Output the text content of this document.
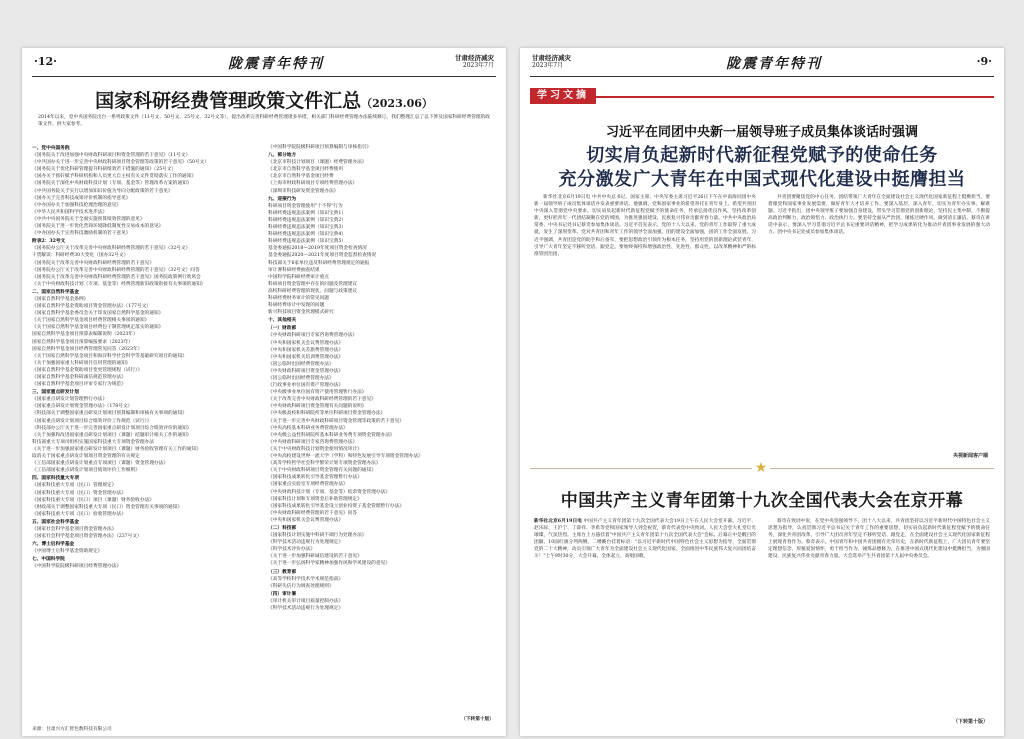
·12·	陇震青年特刊	甘肃经济减灾
2023年7月
国家科研经费管理政策文件汇总（2023.06）
2014年以来，党中央国务院出台一系列政策文件（11号文、50号文、25号文、32号文等），提出改革完善科研经费管理诸多举措。相关部门科研经费管理办法陆续修订。我们整理汇总了以下涉及国家科研经费管理的政策文件，供大家参考。
一、党中央国务院
《国务院关于改进加强中央财政科研项目和资金管理的若干意见》（11号文）
《中共国办关于进一步完善中央财政科研项目资金管理等政策的若干意见》（50号文）
《国务院关于优化科研管理提升科研绩效若干措施的通知》（25号文）
《国办关于抓好赋予科研机构和人员更大自主权有关文件贯彻落实工作的通知》
《国务院关于深化中央财政科技计划（专项、基金等）管理改革方案的通知》
《中共国务院关于实行以增加知识价值为导向分配政策的若干意见》
《国办关于完善科技成果评价机制的指导意见》
《中办国办关于加强科技伦理治理的意见》
《中华人民共和国科学技术进步法》
《中共中央国务院关于全面实施预算绩效管理的意见》
《国务院关于进一步优化营商环境降低制度性交易成本的意见》
《中办国办关于完善科技激励机制的若干意见》
附录2：32号文
《国务院办公厅关于改革完善中央财政科研经费管理的若干意见》（32号文）
干货解读：科研经费30大变化（国办32号文）
《国务院关于改革完善中央财政科研经费管理的若干意见》
《国务院办公厅关于改革完善中央财政科研经费管理的若干意见》（32号文）问答
《国务院关于改革完善中央财政科研经费管理的若干意见》国务院政策例行吹风会
《关于中央财政科技计划（专项、基金等）经费管理新旧政策衔接有关事项的通知》
二、国家自然科学基金
《国家自然科学基金条例》
《国家自然科学基金资助项目资金管理办法》（177号文）
《国家自然科学基金委员会关于印发国家自然科学基金的通知》
《关于国家自然科学基金项目经费管理相关事项的通知》
《关于国家自然科学基金项目经费包干制管理规定落实的通知》
国家自然科学基金项目预算表编制说明（2023年）
国家自然科学基金项目预算编报要求（2023年）
国家自然科学基金项目经费管理常见问答（2023年）
《关于国家自然科学基金项目和海洋科学社会科学等基础研究项目的通知》
《关于加强国家重大科研项目信用管理的通知》
《国家自然科学基金资助项目变更管理规程（试行）》
《国家自然科学基金科研诚信规范管理办法》
《国家自然科学基金项目评审专家行为规范》
三、国家重点研发计划
《国家重点研发计划管理暂行办法》
《国家重点研发计划资金管理办法》（178号文）
《科技部关于调整国家重点研发计划项目预算编制和审核有关事项的通知》
《国家重点研发计划项目综合绩效评价工作规范（试行）》
《科技部办公厅关于进一步完善国家重点研发计划项目综合绩效评价的通知》
《关于加强和改进国家重点研发计划项目（课题）结题审计相关工作的通知》
科技部重大专项司组织实施国家科技重大专项资金管理办法
《关于进一步加强国家重点研发计划项目（课题）财务验收管理有关工作的通知》
取消关于国家重点研发计划项目资金管理的有关规定
《工信部国家重点研发计划重点专项项目（课题）资金管理办法》
《工信部国家重点研发计划项目绩效评价工作细则》
四、国家科技重大专项
《国家科技重大专项（民口）管理规定》
《国家科技重大专项（民口）资金管理办法》
《国家科技重大专项（民口）项目（课题）财务验收办法》
《财政部关于调整国家科技重大专项（民口）资金管理有关事项的通知》
《国家科技重大专项（民口）验收管理办法》
五、国家社会科学基金
《国家社会科学基金项目资金管理办法》
《国家社会科学基金项目资金管理办法》（237号文）
六、博士后科学基金
《中国博士后科学基金资助规定》
七、中国科学院
《中国科学院院级科研项目经费管理办法》
《中国科学院院级科研项目预算编制与审核指引》
八、部分地方
《北京市科技计划项目（课题）经费管理办法》
《北京市自然科学基金项目经费使用
《北京市自然科学基金项目经费
《上海市财政科研项目专项经费管理办法》
《深圳市科技研发资金管理办法》
九、迎接行为
科研项目资金管理使用"十不得"行为
科研经费违规违法案例（知识宝典1）
科研经费违规违法案例（知识宝典2）
科研经费违规违法案例（知识宝典3）
科研经费违规违法案例（知识宝典4）
科研经费违规违法案例（知识宝典5）
基金委通报2018—2019年度项目资金检查情况
基金委通报2020—2021年度项目资金监督检查情况
科技部关于6家单位违反科研经费管理规定的通报
审计署科研经费抽查结果
中国科学院科研经费审计重点
科研项目资金管理中存在的问题及管理建议
高校科研经费管理的现状、问题与政策建议
科研经费财务审计的常见问题
科研经费审计中发现的问题
新兴科技项目资金管理模式研究
十、其他相关
（一）财政部
《中央财政科研项目专家咨询费管理办法》
《中央和国家机关会议费管理办法》
《中央和国家机关差旅费管理办法》
《中央和国家机关培训费管理办法》
《因公临时出国经费管理办法》
《中央财政科研项目资金管理办法》
《因公临时出国经费管理办法》
《行政事业单位国有资产管理办法》
《中央级事业单位国有资产使用管理暂行办法》
《关于改革完善中央财政科研经费管理的若干意见》
《中央财政科研项目资金管理有关问题的说明》
《中央级高校和科研院所等单位科研项目资金管理办法》
《关于进一步完善中央财政科研项目资金管理等政策的若干意见》
《中央高校基本科研业务费管理办法》
《中央级公益性科研院所基本科研业务费专项资金管理办法》
《中央财政科研项目专家咨询费管理办法》
《关于中央财政科技计划资金使用情况审计》
《中央高校建设世界一流大学（学科）和特色发展引导专项资金管理办法》
《高等学校哲学社会科学繁荣计划专项资金管理办法》
《关于中央财政科研项目资金管理有关问题的通知》
《国家科技成果转化引导基金管理暂行办法》
《国家重点实验室专项经费管理办法》
《中央财政科技计划（专项、基金等）结余资金管理办法》
《国家科技计划和专项资金后补助管理规定》
《国家科技成果转化引导基金设立创业投资子基金管理暂行办法》
《中央财政科研经费管理的若干意见》问答
《中央和国家机关会议费管理办法》
（二）科技部
《国家科技计划实施中科研不端行为处理办法》
《科学技术活动违规行为处理规定》
《科学技术评价办法》
《关于进一步加强科研诚信建设的若干意见》
《关于进一步弘扬科学家精神加强作风和学风建设的意见》
（三）教育部
《高等学校科学技术学术规范指南》
《科研失信行为调查处理规则》
（四）审计署
《审计机关审计项目质量控制办法》
《科学技术活动违规行为处理规定》
（下转第十版）
来源：甘肃兴方汇智色数科技有限公司
甘肃经济减灾
2023年7月	陇震青年特刊	·9·
学习文摘
习近平在同团中央新一届领导班子成员集体谈话时强调
切实肩负起新时代新征程党赋予的使命任务
充分激发广大青年在中国式现代化建设中挺膺担当
新华社北京6月19日电 中共中央总书记、国家主席、中央军委主席习近平26日下午在中南海同团中央新一届领导班子成员集体谈话并发表重要讲话。他强调，党和国家事业的希望寄托在青年身上。希望共青团中央深入贯彻党中央要求，切实肩负起新时代新征程党赋予的使命任务，传承弘扬优良作风，坚持改革创新，更好把青年一代团结凝聚在党的周围，为推进强国建设、民族复兴伟业贡献青春力量。中共中央政治局常委、中央书记处书记蔡奇参加集体谈话。习近平首先表示，党的十八大以来，党的青年工作取得了重大成就，发生了深刻变革。党对共青团和青年工作的领导全面加强，团的建设全面加强，团的工作全面发展。习近平强调，共青团是党的助手和后备军，要把思想政治引领作为根本任务，坚持用党的创新理论武装青年，引导广大青年坚定不移听党话、跟党走。要始终保持和增强政治性、先进性、群众性，以改革精神和严的标准管团治团。
共青团要聚焦党的中心任务，团结带领广大青年在全面建设社会主义现代化国家新征程上挺膺担当。要着眼党和国家事业发展需要，做好青年人才培养工作。要深入基层、深入青年，切实为青年办实事、解难题。习近平指出，团中央领导班子要加强自身建设，带头学习贯彻党的创新理论，坚持民主集中制，不断提高政治判断力、政治领悟力、政治执行力。要坚持全面从严治团，锤炼过硬作风，做到清正廉洁。蔡奇在讲话中表示，要深入学习贯彻习近平总书记重要讲话精神，把学习成果转化为推动共青团事业发展的强大动力。团中央书记处成员参加集体谈话。
央视新闻客户端
★
中国共产主义青年团第十九次全国代表大会在京开幕
新华社北京6月19日电 中国共产主义青年团第十九次全国代表大会19日上午在人民大会堂开幕。习近平、赵乐际、王沪宁、丁薛祥、李希等党和国家领导人到会祝贺，蔡奇代表党中央致词。人民大会堂大礼堂灯光璀璨，气氛热烈。主席台上方悬挂着"中国共产主义青年团第十九次全国代表大会"会标。后幕正中是醒目的团徽，10面红旗分列两侧。二楼眺台挂着标语："以习近平新时代中国特色社会主义思想为指导，全面贯彻党的二十大精神，动员引领广大青年为全面建设社会主义现代化国家、全面推进中华民族伟大复兴而团结奋斗！"上午9时30分，大会开幕。全体起立，高唱国歌。
蔡奇在致词中说，在党中央坚强领导下，团十八大以来，共青团坚持以习近平新时代中国特色社会主义思想为指导，认真贯彻习近平总书记关于青年工作的重要思想，切实肩负起新时代新征程党赋予的使命任务，深化共青团改革，引导广大团员青年坚定不移听党话、跟党走，在全面建设社会主义现代化国家新征程上展现青春作为。蔡奇表示，中国青年和中国共青团拥有光荣历史，在新时代新征程上，广大团员青年要坚定理想信念，厚植爱国情怀，勇于担当作为，锤炼品德修为，在推进中国式现代化建设中挺膺担当，为强国建设、民族复兴伟业贡献青春力量。大会选举产生共青团第十九届中央委员会。
（下转第十版）
